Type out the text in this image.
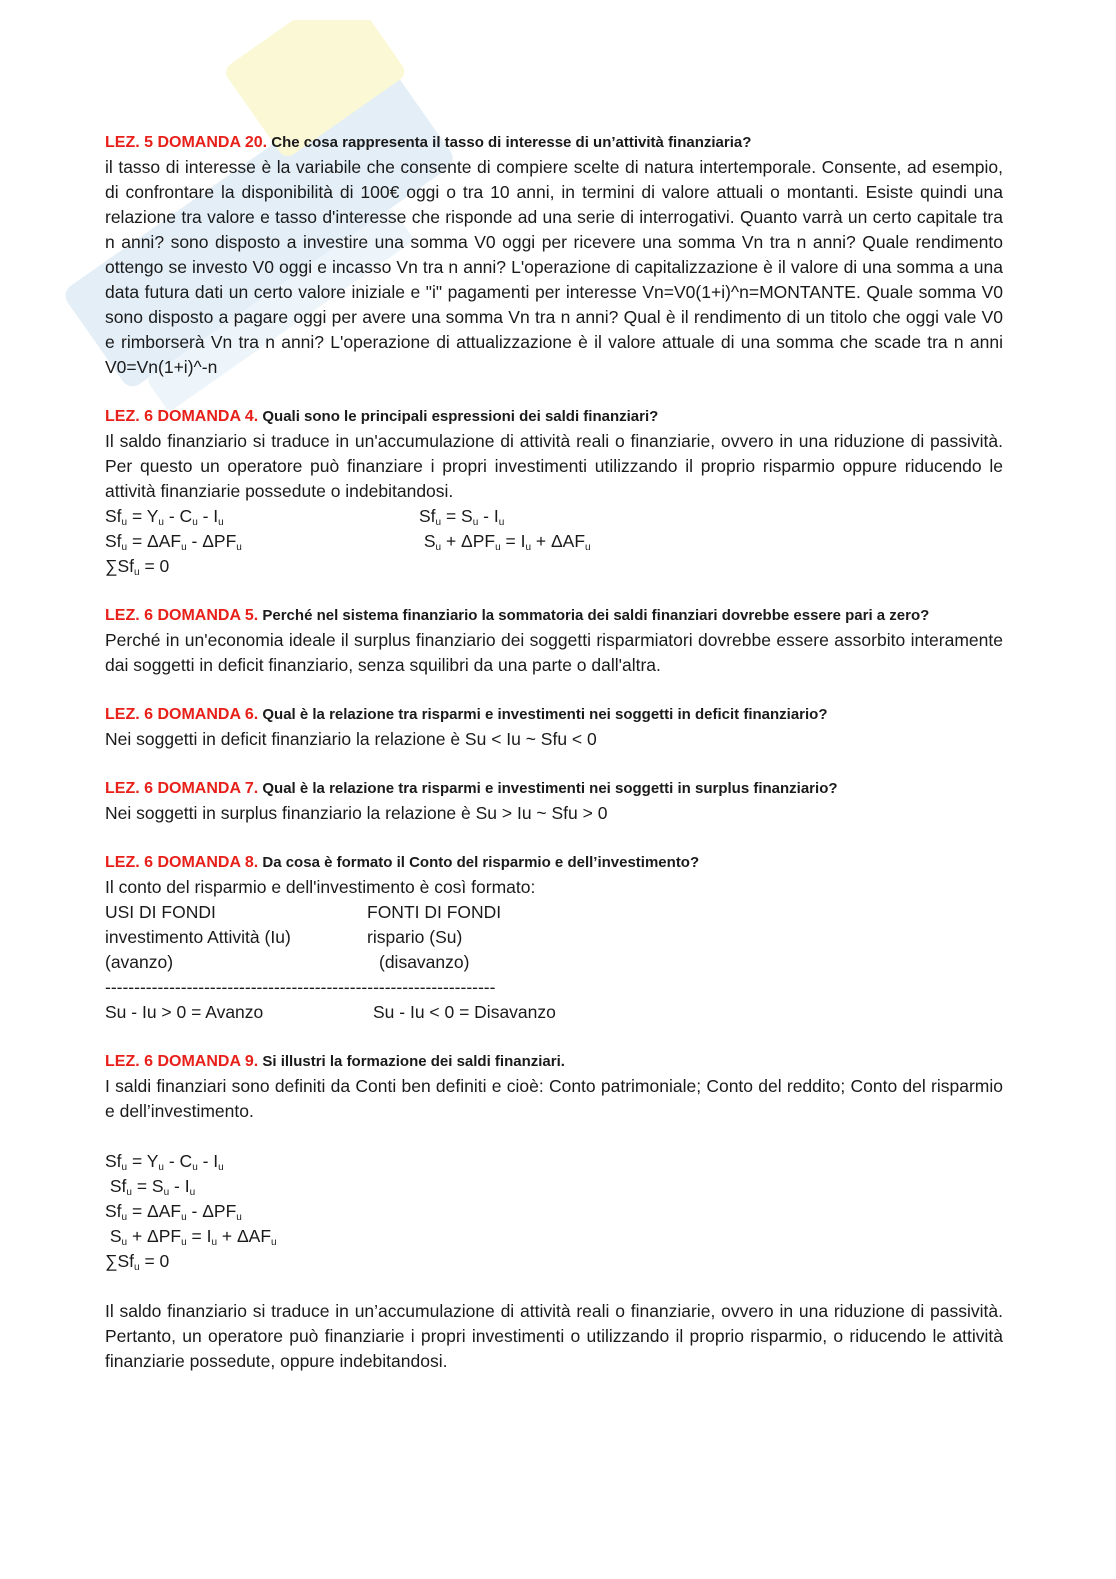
LEZ. 5 DOMANDA 20. Che cosa rappresenta il tasso di interesse di un’attività finanziaria?

il tasso di interesse è la variabile che consente di compiere scelte di natura intertemporale. Consente, ad esempio, di confrontare la disponibilità di 100€ oggi o tra 10 anni, in termini di valore attuali o montanti. Esiste quindi una relazione tra valore e tasso d'interesse che risponde ad una serie di interrogativi. Quanto varrà un certo capitale tra n anni? sono disposto a investire una somma V0 oggi per ricevere una somma Vn tra n anni? Quale rendimento ottengo se investo V0 oggi e incasso Vn tra n anni? L'operazione di capitalizzazione è il valore di una somma a una data futura dati un certo valore iniziale e "i" pagamenti per interesse Vn=V0(1+i)^n=MONTANTE. Quale somma V0 sono disposto a pagare oggi per avere una somma Vn tra n anni? Qual è il rendimento di un titolo che oggi vale V0 e rimborserà Vn tra n anni? L'operazione di attualizzazione è il valore attuale di una somma che scade tra n anni V0=Vn(1+i)^-n

LEZ. 6 DOMANDA 4. Quali sono le principali espressioni dei saldi finanziari?

Il saldo finanziario si traduce in un'accumulazione di attività reali o finanziarie, ovvero in una riduzione di passività. Per questo un operatore può finanziare i propri investimenti utilizzando il proprio risparmio oppure riducendo le attività finanziarie possedute o indebitandosi.

$Sf_u = Y_u - C_u - I_u$	$Sf_u = S_u - I_u$
$Sf_u = \Delta AF_u - \Delta PF_u$	$S_u + \Delta PF_u = I_u + \Delta AF_u$
$\sum Sf_u = 0$
LEZ. 6 DOMANDA 5. Perché nel sistema finanziario la sommatoria dei saldi finanziari dovrebbe essere pari a zero?

Perché in un'economia ideale il surplus finanziario dei soggetti risparmiatori dovrebbe essere assorbito interamente dai soggetti in deficit finanziario, senza squilibri da una parte o dall'altra.

LEZ. 6 DOMANDA 6. Qual è la relazione tra risparmi e investimenti nei soggetti in deficit finanziario?

Nei soggetti in deficit finanziario la relazione è Su < Iu ~ Sfu < 0

LEZ. 6 DOMANDA 7. Qual è la relazione tra risparmi e investimenti nei soggetti in surplus finanziario?

Nei soggetti in surplus finanziario la relazione è Su > Iu ~ Sfu > 0

LEZ. 6 DOMANDA 8. Da cosa è formato il Conto del risparmio e dell’investimento?

Il conto del risparmio e dell'investimento è così formato:

USI DI FONDI	FONTI DI FONDI
investimento Attività (Iu)	rispario (Su)
(avanzo)	(disavanzo)
-------------------------------------------------------------------
Su - Iu > 0 = Avanzo	Su - Iu < 0 = Disavanzo
LEZ. 6 DOMANDA 9. Si illustri la formazione dei saldi finanziari.

I saldi finanziari sono definiti da Conti ben definiti e cioè: Conto patrimoniale; Conto del reddito; Conto del risparmio e dell’investimento.

$Sf_u = Y_u - C_u - I_u$
$Sf_u = S_u - I_u$
$Sf_u = \Delta AF_u - \Delta PF_u$
$S_u + \Delta PF_u = I_u + \Delta AF_u$
$\sum Sf_u = 0$

Il saldo finanziario si traduce in un’accumulazione di attività reali o finanziarie, ovvero in una riduzione di passività. Pertanto, un operatore può finanziarie i propri investimenti o utilizzando il proprio risparmio, o riducendo le attività finanziarie possedute, oppure indebitandosi.
